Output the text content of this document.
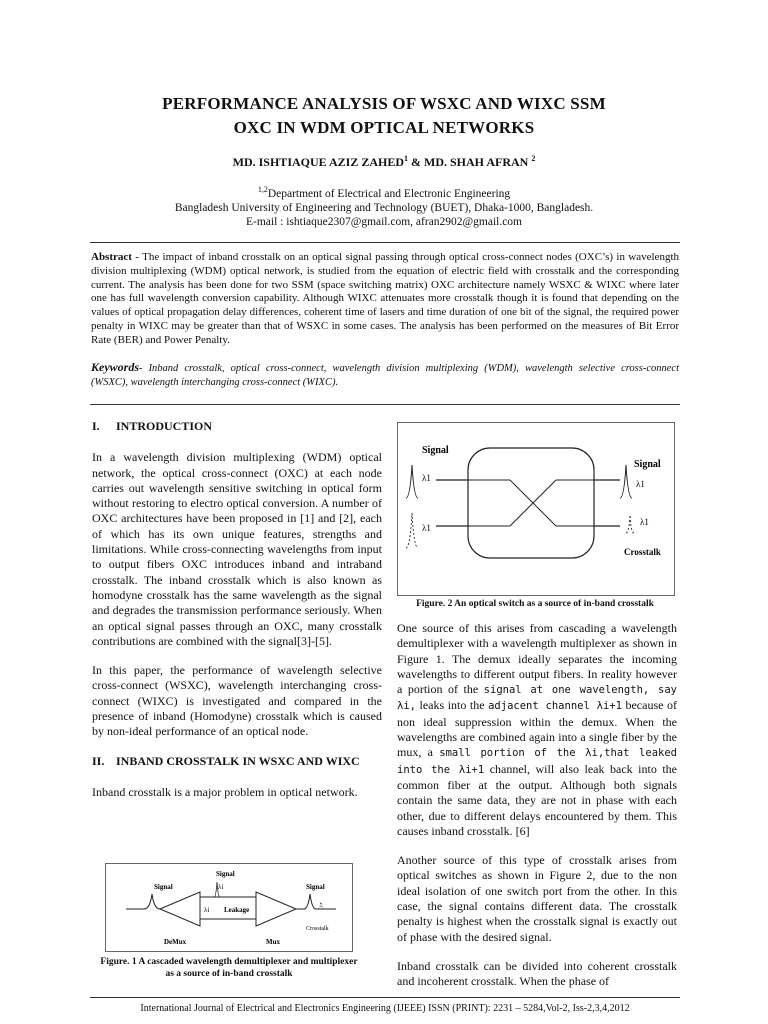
PERFORMANCE ANALYSIS OF WSXC AND WIXC SSM
OXC IN WDM OPTICAL NETWORKS
MD. ISHTIAQUE AZIZ ZAHED$^1$ & MD. SHAH AFRAN $^2$
$^{1,2}$Department of Electrical and Electronic Engineering
Bangladesh University of Engineering and Technology (BUET), Dhaka-1000, Bangladesh.
E-mail : ishtiaque2307@gmail.com, afran2902@gmail.com
Abstract - The impact of inband crosstalk on an optical signal passing through optical cross-connect nodes (OXC’s) in wavelength division multiplexing (WDM) optical network, is studied from the equation of electric field with crosstalk and the corresponding current. The analysis has been done for two SSM (space switching matrix) OXC architecture namely WSXC & WIXC where later one has full wavelength conversion capability. Although WIXC attenuates more crosstalk though it is found that depending on the values of optical propagation delay differences, coherent time of lasers and time duration of one bit of the signal, the required power penalty in WIXC may be greater than that of WSXC in some cases. The analysis has been performed on the measures of Bit Error Rate (BER) and Power Penalty.
Keywords- Inband crosstalk, optical cross-connect, wavelength division multiplexing (WDM), wavelength selective cross-connect (WSXC), wavelength interchanging cross-connect (WIXC).
I. INTRODUCTION

In a wavelength division multiplexing (WDM) optical network, the optical cross-connect (OXC) at each node carries out wavelength sensitive switching in optical form without restoring to electro optical conversion. A number of OXC architectures have been proposed in [1] and [2], each of which has its own unique features, strengths and limitations. While cross-connecting wavelengths from input to output fibers OXC introduces inband and intraband crosstalk. The inband crosstalk which is also known as homodyne crosstalk has the same wavelength as the signal and degrades the transmission performance seriously. When an optical signal passes through an OXC, many crosstalk contributions are combined with the signal[3]-[5].

In this paper, the performance of wavelength selective cross-connect (WSXC), wavelength interchanging cross-connect (WIXC) is investigated and compared in the presence of inband (Homodyne) crosstalk which is caused by non-ideal performance of an optical node.

II. INBAND CROSSTALK IN WSXC AND WIXC

Inband crosstalk is a major problem in optical network.

Signal
Signal	Signal
λi
λi Leakage
DeMux	Mux
Crosstalk
Figure. 1 A cascaded wavelength demultiplexer and multiplexer as a source of in-band crosstalk
Signal
Signal
λ1
λ1
λ1
λ1
Crosstalk
Figure. 2 An optical switch as a source of in-band crosstalk

One source of this arises from cascading a wavelength demultiplexer with a wavelength multiplexer as shown in Figure 1. The demux ideally separates the incoming wavelengths to different output fibers. In reality however a portion of the signal at one wavelength, say λi, leaks into the adjacent channel λi+1 because of non ideal suppression within the demux. When the wavelengths are combined again into a single fiber by the mux, a small portion of the λi,that leaked into the λi+1 channel, will also leak back into the common fiber at the output. Although both signals contain the same data, they are not in phase with each other, due to different delays encountered by them. This causes inband crosstalk. [6]

Another source of this type of crosstalk arises from optical switches as shown in Figure 2, due to the non ideal isolation of one switch port from the other. In this case, the signal contains different data. The crosstalk penalty is highest when the crosstalk signal is exactly out of phase with the desired signal.

Inband crosstalk can be divided into coherent crosstalk and incoherent crosstalk. When the phase of

International Journal of Electrical and Electronics Engineering (IJEEE) ISSN (PRINT): 2231 – 5284,Vol-2, Iss-2,3,4,2012
